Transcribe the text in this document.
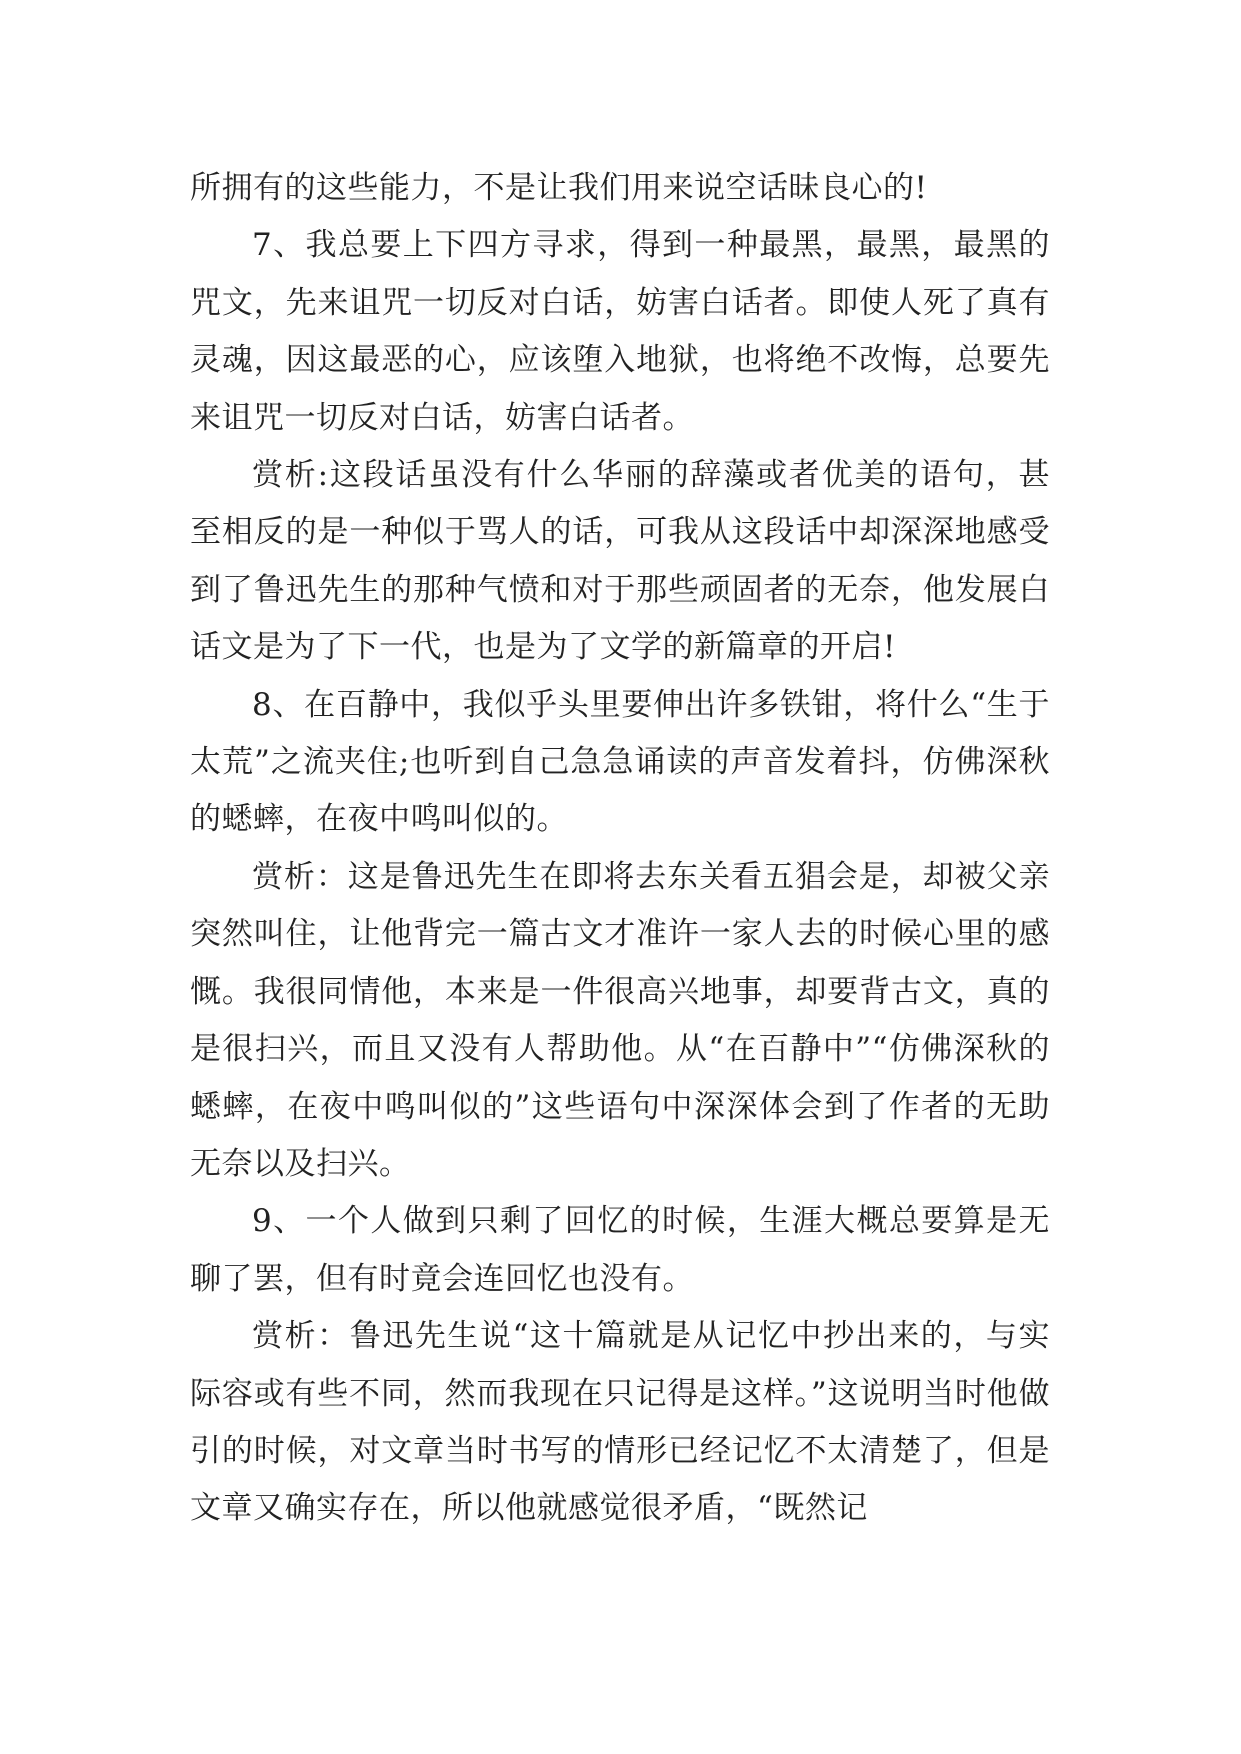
所拥有的这些能力，不是让我们用来说空话昧良心的!

7、我总要上下四方寻求，得到一种最黑，最黑，最黑的咒文，先来诅咒一切反对白话，妨害白话者。即使人死了真有灵魂，因这最恶的心，应该堕入地狱，也将绝不改悔，总要先来诅咒一切反对白话，妨害白话者。

赏析:这段话虽没有什么华丽的辞藻或者优美的语句，甚至相反的是一种似于骂人的话，可我从这段话中却深深地感受到了鲁迅先生的那种气愤和对于那些顽固者的无奈，他发展白话文是为了下一代，也是为了文学的新篇章的开启!

8、在百静中，我似乎头里要伸出许多铁钳，将什么“生于太荒”之流夹住;也听到自己急急诵读的声音发着抖，仿佛深秋的蟋蟀，在夜中鸣叫似的。

赏析：这是鲁迅先生在即将去东关看五猖会是，却被父亲突然叫住，让他背完一篇古文才准许一家人去的时候心里的感慨。我很同情他，本来是一件很高兴地事，却要背古文，真的是很扫兴，而且又没有人帮助他。从“在百静中”“仿佛深秋的蟋蟀，在夜中鸣叫似的”这些语句中深深体会到了作者的无助无奈以及扫兴。

9、一个人做到只剩了回忆的时候，生涯大概总要算是无聊了罢，但有时竟会连回忆也没有。

赏析：鲁迅先生说“这十篇就是从记忆中抄出来的，与实际容或有些不同，然而我现在只记得是这样。”这说明当时他做引的时候，对文章当时书写的情形已经记忆不太清楚了，但是文章又确实存在，所以他就感觉很矛盾，“既然记
